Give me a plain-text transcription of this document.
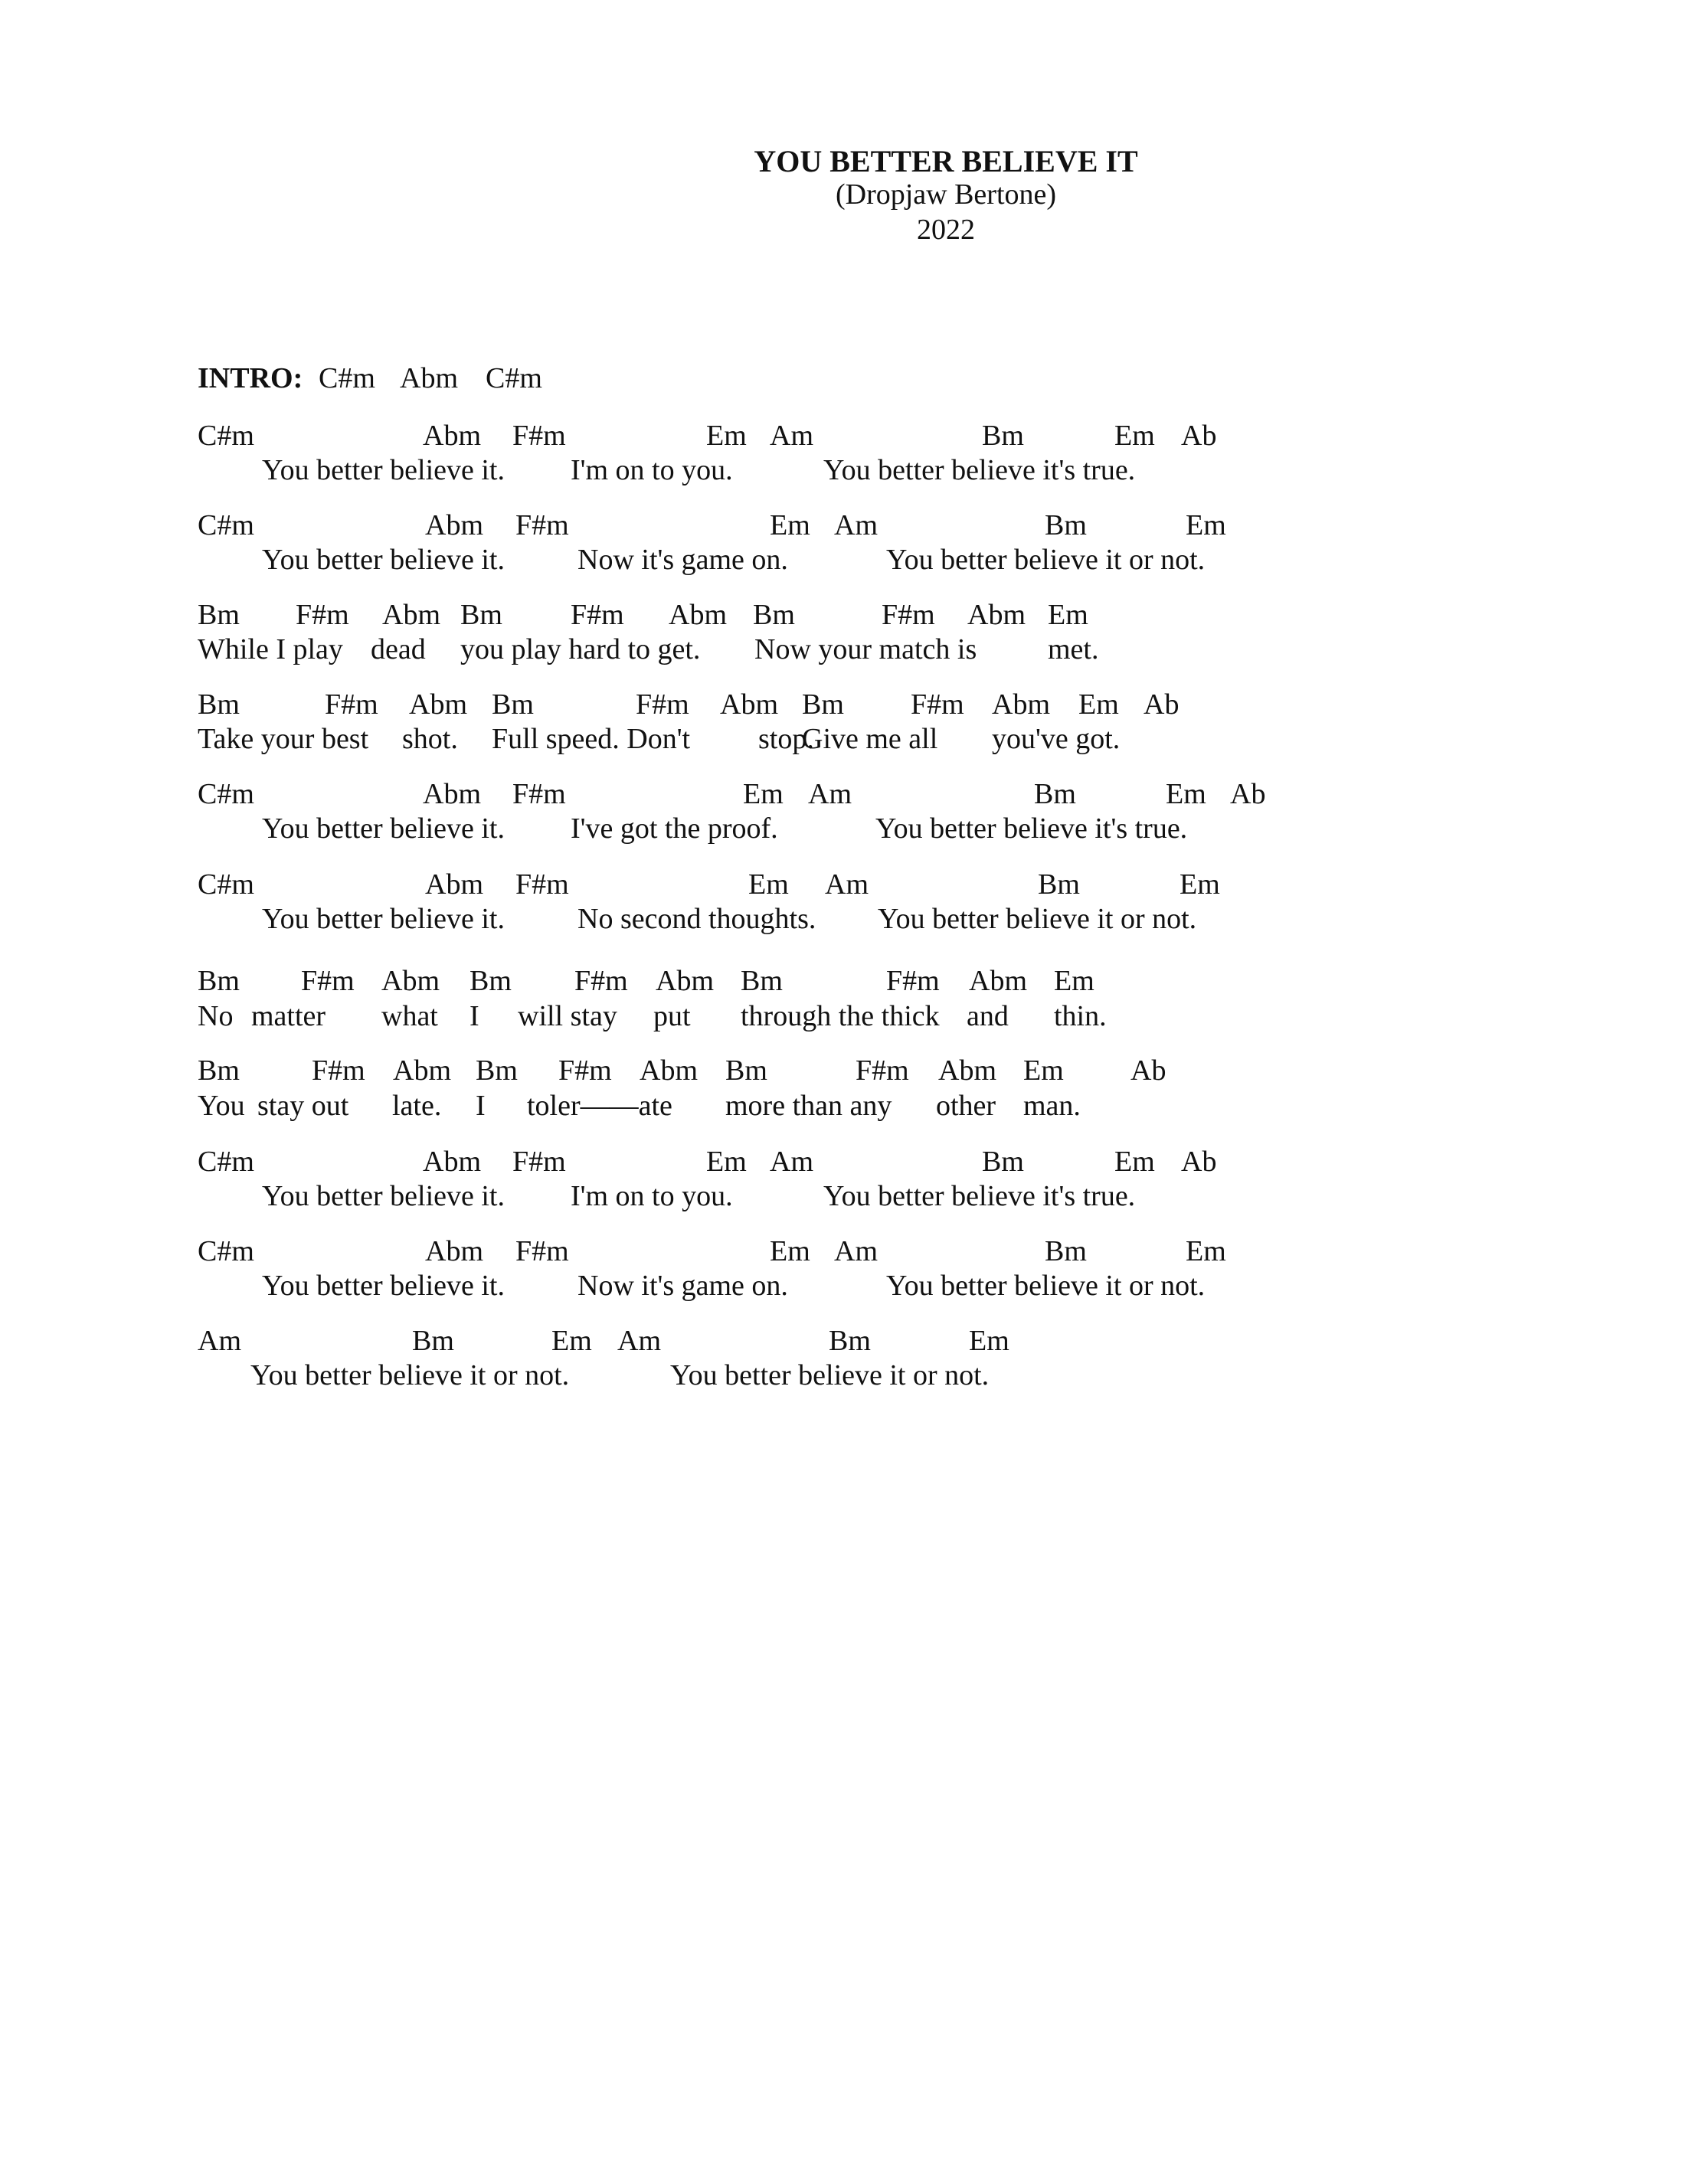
YOU BETTER BELIEVE IT
(Dropjaw Bertone)
2022
INTRO: C#m Abm C#m
C#m	Abm F#m	Em Am	Bm	Em Ab
You better believe it. I'm on to you.	You better believe it's true.
C#m	Abm F#m	Em Am	Bm	Em
You better believe it.	Now it's game on.	You better believe it or not.
Bm F#m Abm Bm F#m Abm Bm	F#m Abm Em
While I play dead you play hard to get. Now your match is met.
Bm	F#m Abm Bm	F#m Abm Bm F#m Abm Em Ab
Take your best shot. Full speed. Don't stop.
Give me all you've got.
C#m	Abm F#m	Em Am	Bm	Em Ab
You better believe it. I've got the proof.	You better believe it's true.
C#m	Abm F#m	Em Am	Bm	Em
You better believe it.	No second thoughts. You better believe it or not.
Bm F#m Abm Bm F#m Abm Bm	F#m Abm Em
No matter what I will stay put through the thick and thin.
Bm F#m Abm Bm F#m Abm Bm	F#m Abm Em Ab
You stay out late. I toler——ate more than any other man.
C#m	Abm F#m	Em Am	Bm	Em Ab
You better believe it. I'm on to you.	You better believe it's true.
C#m	Abm F#m	Em Am	Bm	Em
You better believe it.	Now it's game on.	You better believe it or not.
Am	Bm	Em Am	Bm	Em
You better believe it or not.	You better believe it or not.
